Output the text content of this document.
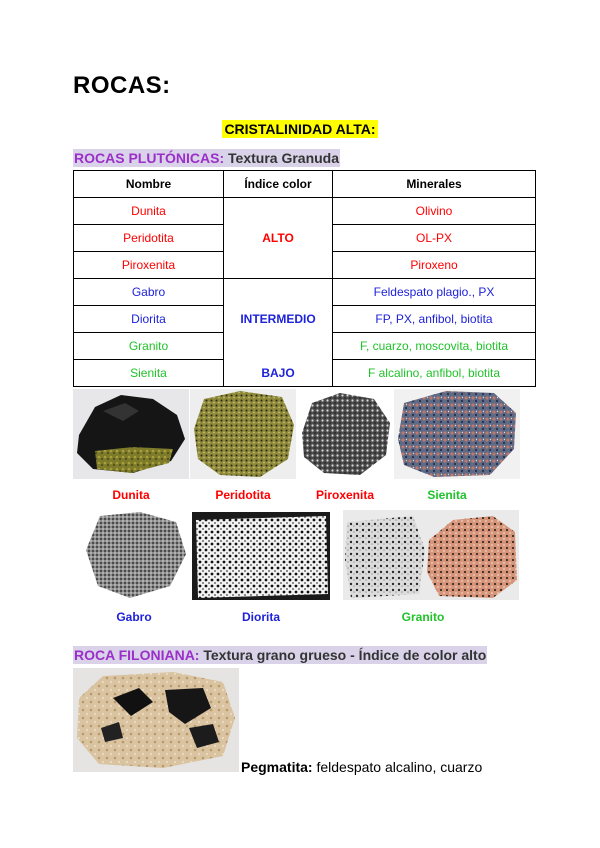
ROCAS:
CRISTALINIDAD ALTA:
ROCAS PLUTÓNICAS: Textura Granuda
Nombre	Índice color	Minerales
Dunita		Olivino
Peridotita	ALTO	OL-PX
Piroxenita		Piroxeno
Gabro		Feldespato plagio., PX
Diorita	INTERMEDIO	FP, PX, anfibol, biotita
Granito		F, cuarzo, moscovita, biotita
Sienita	BAJO	F alcalino, anfibol, biotita
Dunita	Peridotita	Piroxenita	Sienita
Gabro	Diorita	Granito
ROCA FILONIANA: Textura grano grueso - Índice de color alto
Pegmatita: feldespato alcalino, cuarzo
